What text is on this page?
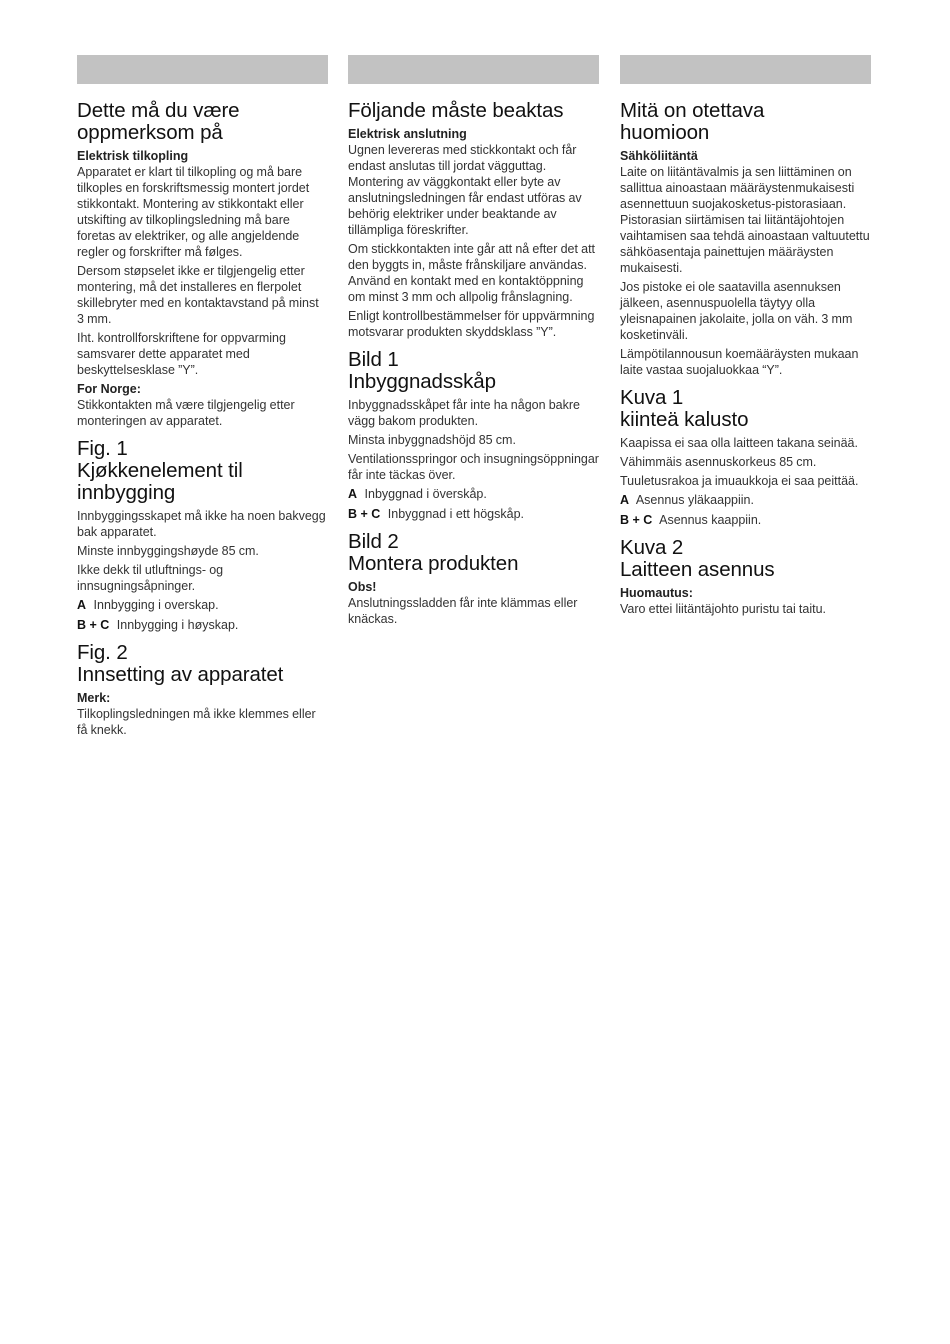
Dette må du være
oppmerksom på
Elektrisk tilkopling

Apparatet er klart til tilkopling og må bare tilkoples en forskriftsmessig montert jordet stikkontakt. Montering av stikkontakt eller utskifting av tilkoplingsledning må bare foretas av elektriker, og alle angjeldende regler og forskrifter må følges.

Dersom støpselet ikke er tilgjengelig etter montering, må det installeres en flerpolet skillebryter med en kontaktavstand på minst 3 mm.

Iht. kontrollforskriftene for oppvarming samsvarer dette apparatet med beskyttelsesklase ”Y”.

For Norge:

Stikkontakten må være tilgjengelig etter monteringen av apparatet.

Fig. 1
Kjøkkenelement til
innbygging

Innbyggingsskapet må ikke ha noen bakvegg bak apparatet.

Minste innbyggingshøyde 85 cm.

Ikke dekk til utluftnings- og innsugningsåpninger.

A Innbygging i overskap.
B + C Innbygging i høyskap.
Fig. 2
Innsetting av apparatet
Merk:

Tilkoplingsledningen må ikke klemmes eller få knekk.

Följande måste beaktas
Elektrisk anslutning

Ugnen levereras med stickkontakt och får endast anslutas till jordat vägguttag. Montering av väggkontakt eller byte av anslutningsledningen får endast utföras av behörig elektriker under beaktande av tillämpliga föreskrifter.

Om stickkontakten inte går att nå efter det att den byggts in, måste frånskiljare användas. Använd en kontakt med en kontaktöppning om minst 3 mm och allpolig frånslagning.

Enligt kontrollbestämmelser för uppvärmning motsvarar produkten skyddsklass ”Y”.

Bild 1
Inbyggnadsskåp

Inbyggnadsskåpet får inte ha någon bakre vägg bakom produkten.

Minsta inbyggnadshöjd 85 cm.

Ventilationsspringor och insugningsöppningar får inte täckas över.

A Inbyggnad i överskåp.
B + C Inbyggnad i ett högskåp.
Bild 2
Montera produkten
Obs!

Anslutningssladden får inte klämmas eller knäckas.

Mitä on otettava
huomioon
Sähköliitäntä

Laite on liitäntävalmis ja sen liittäminen on sallittua ainoastaan määräystenmukaisesti asennettuun suojakosketus-pistorasiaan. Pistorasian siirtämisen tai liitäntäjohtojen vaihtamisen saa tehdä ainoastaan valtuutettu sähköasentaja painettujen määräysten mukaisesti.

Jos pistoke ei ole saatavilla asennuksen jälkeen, asennuspuolella täytyy olla yleisnapainen jakolaite, jolla on väh. 3 mm kosketinväli.

Lämpötilannousun koemääräysten mukaan laite vastaa suojaluokkaa “Y”.

Kuva 1
kiinteä kalusto

Kaapissa ei saa olla laitteen takana seinää.

Vähimmäis asennuskorkeus 85 cm.

Tuuletusrakoa ja imuaukkoja ei saa peittää.

A Asennus yläkaappiin.
B + C Asennus kaappiin.
Kuva 2
Laitteen asennus
Huomautus:

Varo ettei liitäntäjohto puristu tai taitu.
